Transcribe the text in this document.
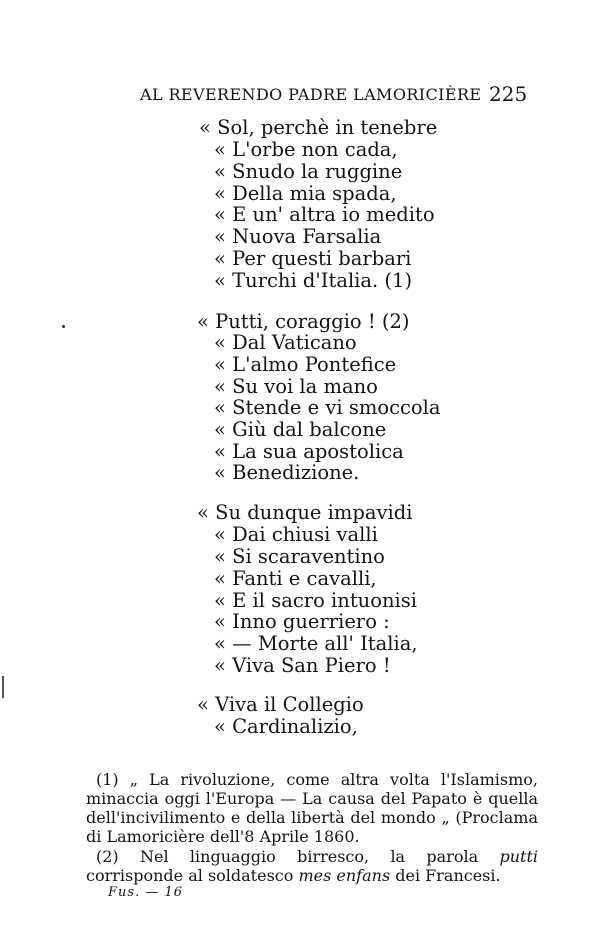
AL REVERENDO PADRE LAMORICIÈRE 225
« Sol, perchè in tenebre
« L'orbe non cada,
« Snudo la ruggine
« Della mia spada,
« E un' altra io medito
« Nuova Farsalia
« Per questi barbari
« Turchi d'Italia. (1)
« Putti, coraggio ! (2)
« Dal Vaticano
« L'almo Pontefice
« Su voi la mano
« Stende e vi smoccola
« Giù dal balcone
« La sua apostolica
« Benedizione.
« Su dunque impavidi
« Dai chiusi valli
« Si scaraventino
« Fanti e cavalli,
« E il sacro intuonisi
« Inno guerriero :
« — Morte all' Italia,
« Viva San Piero !
« Viva il Collegio
« Cardinalizio,

(1) „ La rivoluzione, come altra volta l'Islamismo, minaccia oggi l'Europa — La causa del Papato è quella dell'incivilimento e della libertà del mondo „ (Proclama di Lamoricière dell'8 Aprile 1860.

(2) Nel linguaggio birresco, la parola putti corrisponde al soldatesco mes enfans dei Francesi.

Fus. — 16
